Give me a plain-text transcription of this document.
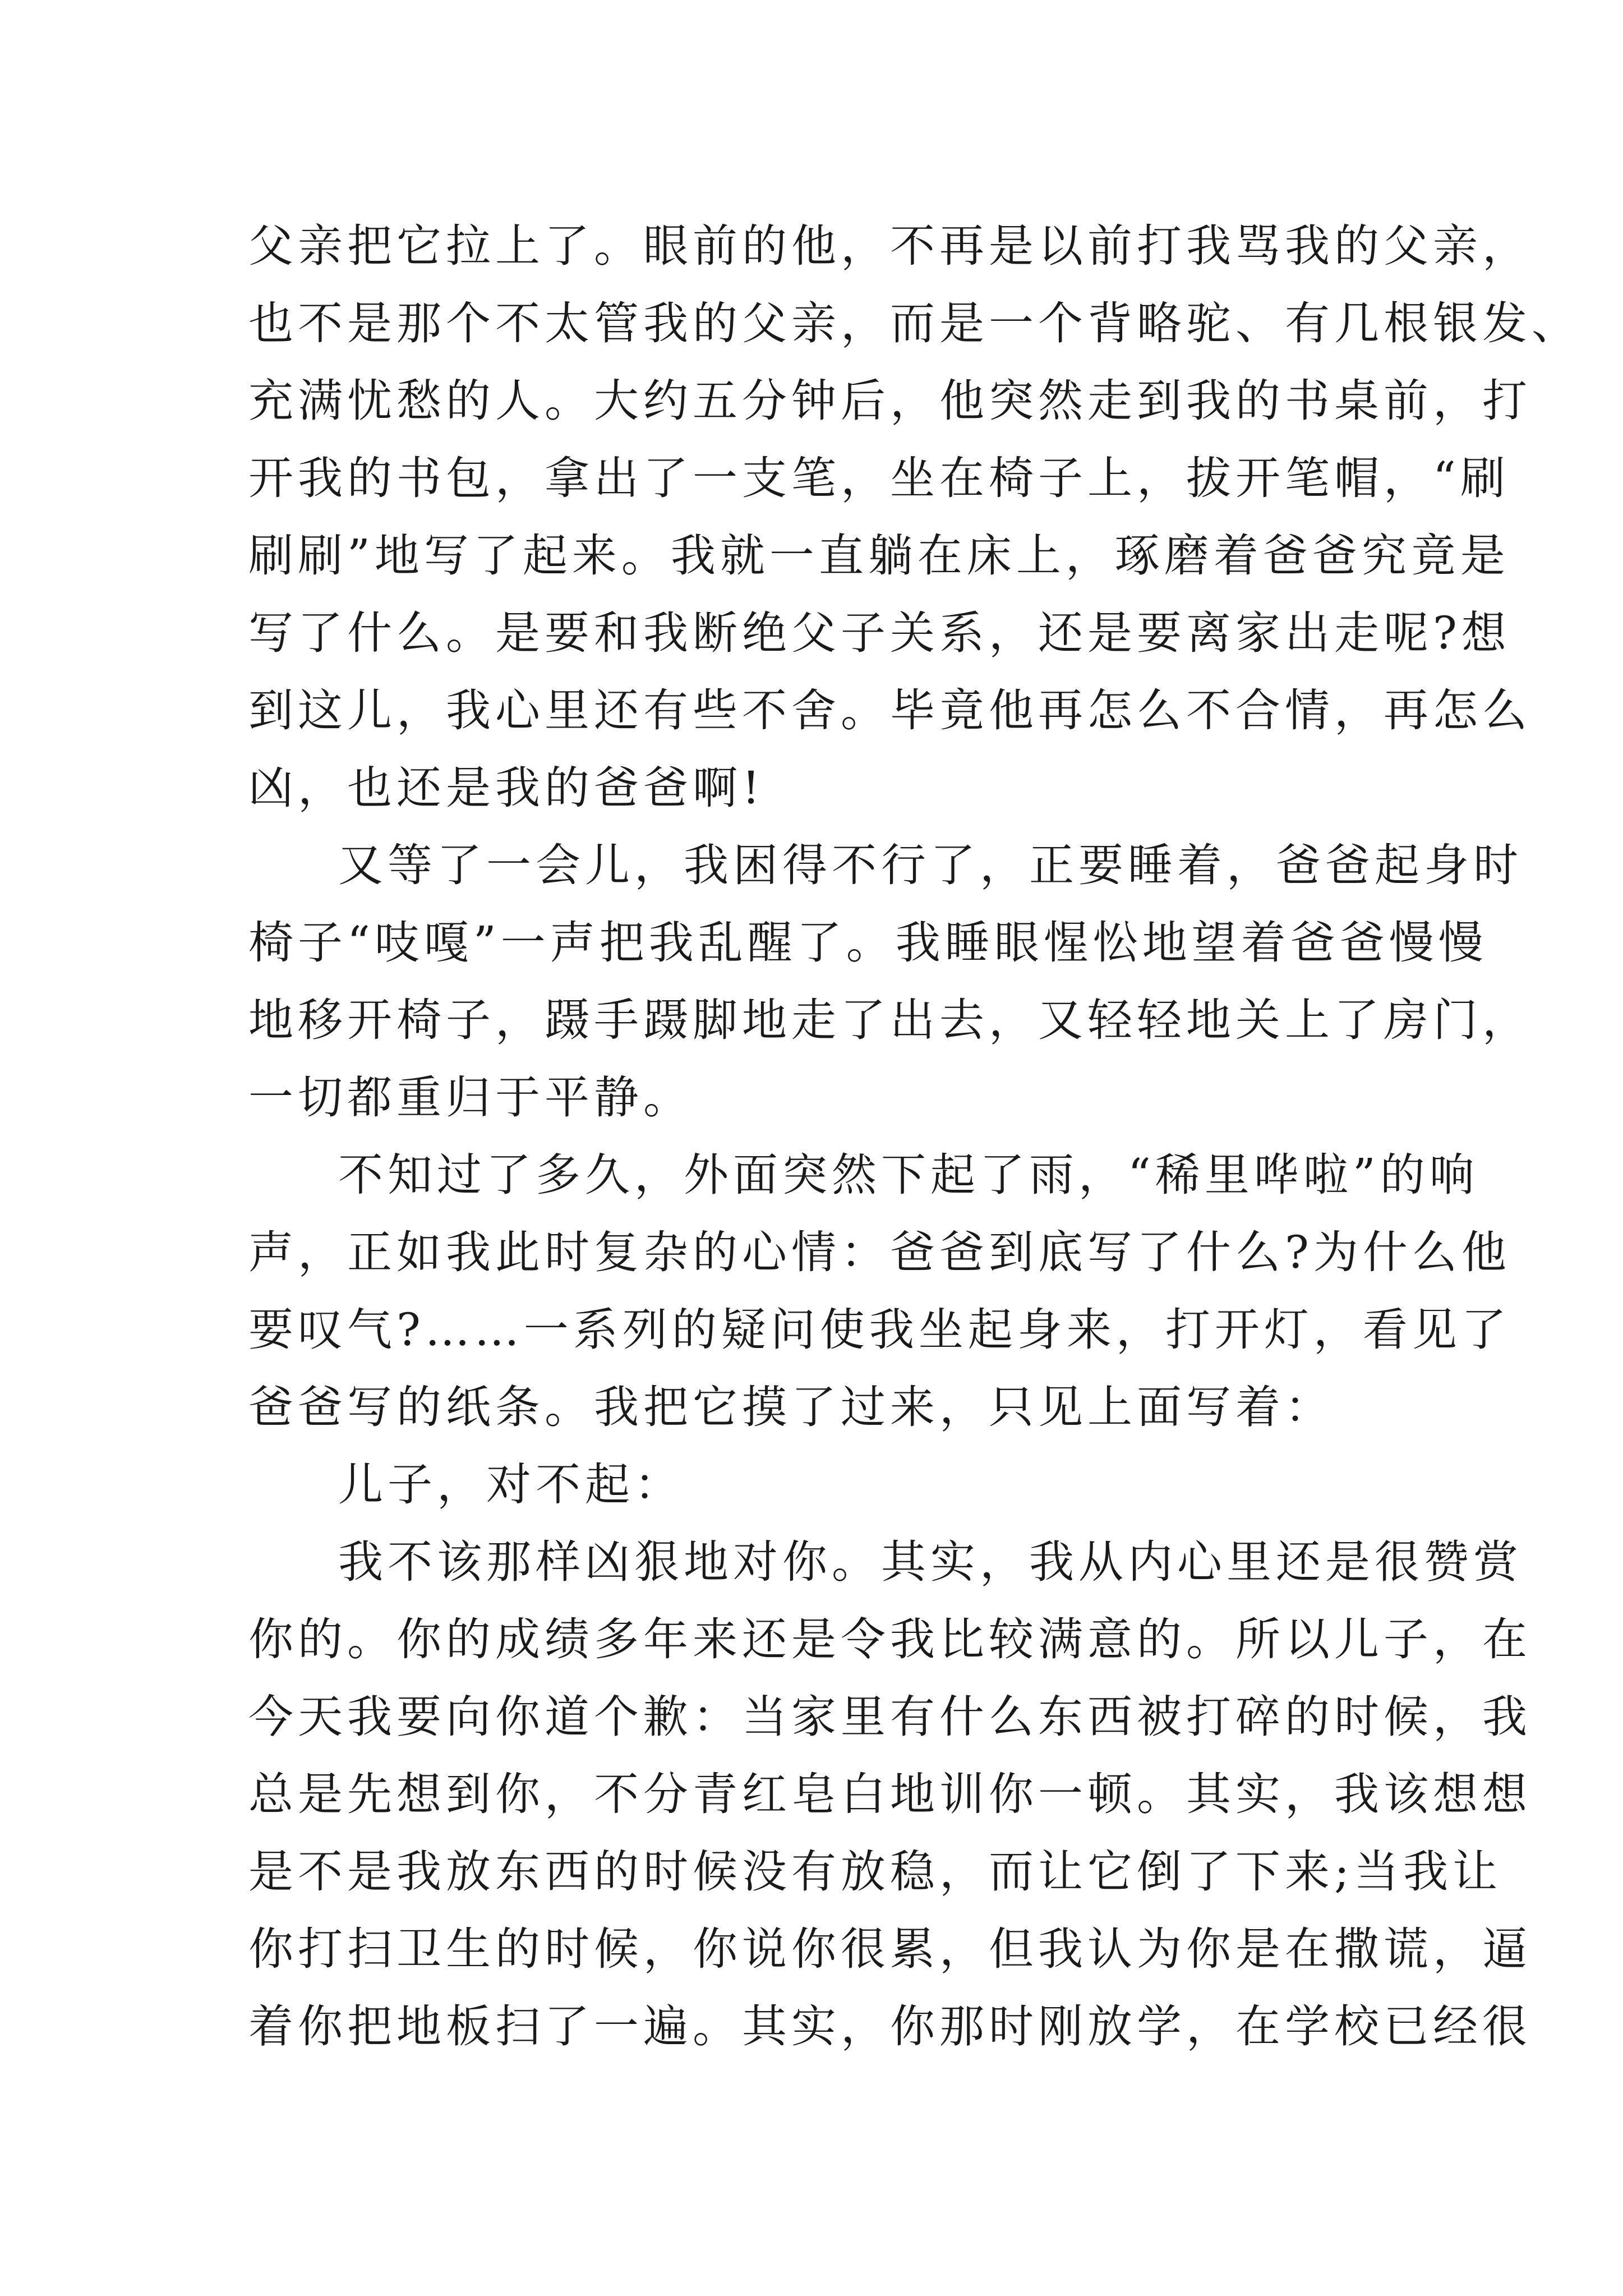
父亲把它拉上了。眼前的他，不再是以前打我骂我的父亲，
也不是那个不太管我的父亲，而是一个背略驼、有几根银发、
充满忧愁的人。大约五分钟后，他突然走到我的书桌前，打
开我的书包，拿出了一支笔，坐在椅子上，拔开笔帽，“刷
刷刷”地写了起来。我就一直躺在床上，琢磨着爸爸究竟是
写了什么。是要和我断绝父子关系，还是要离家出走呢?想
到这儿，我心里还有些不舍。毕竟他再怎么不合情，再怎么
凶，也还是我的爸爸啊!
又等了一会儿，我困得不行了，正要睡着，爸爸起身时
椅子“吱嘎”一声把我乱醒了。我睡眼惺忪地望着爸爸慢慢
地移开椅子，蹑手蹑脚地走了出去，又轻轻地关上了房门，
一切都重归于平静。
不知过了多久，外面突然下起了雨，“稀里哗啦”的响
声，正如我此时复杂的心情：爸爸到底写了什么?为什么他
要叹气?……一系列的疑问使我坐起身来，打开灯，看见了
爸爸写的纸条。我把它摸了过来，只见上面写着：
儿子，对不起：
我不该那样凶狠地对你。其实，我从内心里还是很赞赏
你的。你的成绩多年来还是令我比较满意的。所以儿子，在
今天我要向你道个歉：当家里有什么东西被打碎的时候，我
总是先想到你，不分青红皂白地训你一顿。其实，我该想想
是不是我放东西的时候没有放稳，而让它倒了下来;当我让
你打扫卫生的时候，你说你很累，但我认为你是在撒谎，逼
着你把地板扫了一遍。其实，你那时刚放学，在学校已经很
